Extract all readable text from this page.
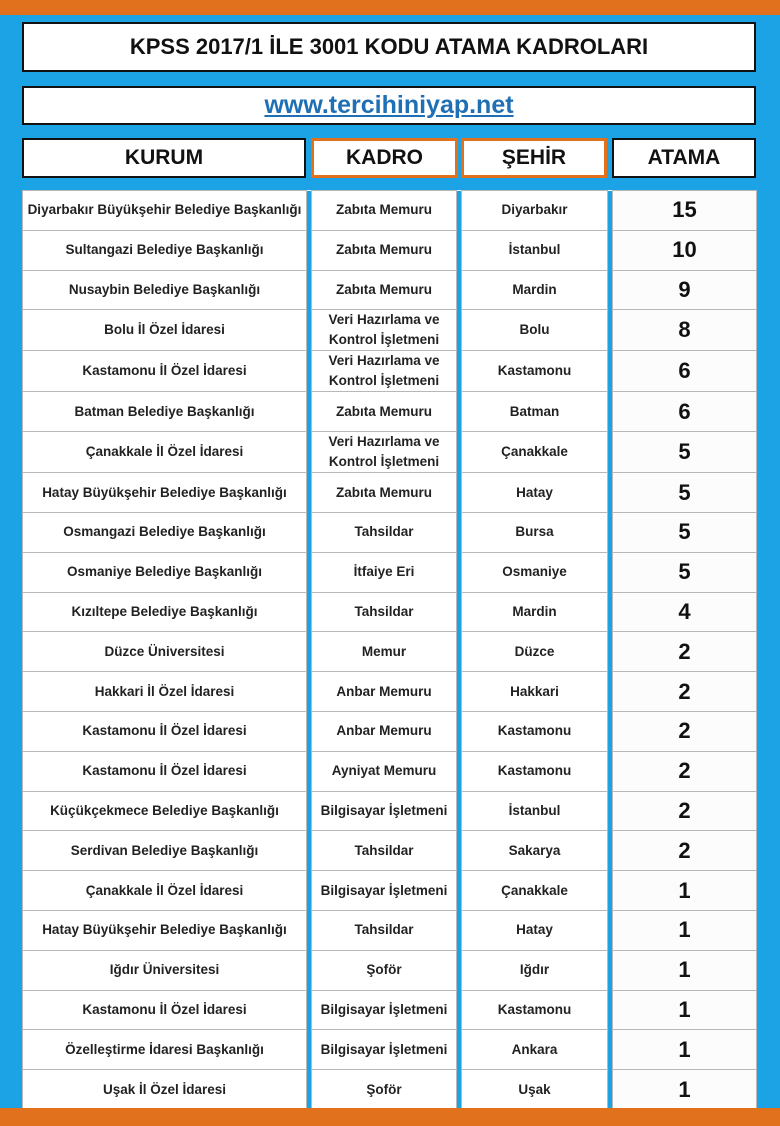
KPSS 2017/1 İLE 3001 KODU ATAMA KADROLARI
www.tercihiniyap.net
KURUM	KADRO	ŞEHİR	ATAMA
Diyarbakır Büyükşehir Belediye Başkanlığı		Zabıta Memuru		Diyarbakır		15
Sultangazi Belediye Başkanlığı		Zabıta Memuru		İstanbul		10
Nusaybin Belediye Başkanlığı		Zabıta Memuru		Mardin		9
Bolu İl Özel İdaresi		Veri Hazırlama ve Kontrol İşletmeni		Bolu		8
Kastamonu İl Özel İdaresi		Veri Hazırlama ve Kontrol İşletmeni		Kastamonu		6
Batman Belediye Başkanlığı		Zabıta Memuru		Batman		6
Çanakkale İl Özel İdaresi		Veri Hazırlama ve Kontrol İşletmeni		Çanakkale		5
Hatay Büyükşehir Belediye Başkanlığı		Zabıta Memuru		Hatay		5
Osmangazi Belediye Başkanlığı		Tahsildar		Bursa		5
Osmaniye Belediye Başkanlığı		İtfaiye Eri		Osmaniye		5
Kızıltepe Belediye Başkanlığı		Tahsildar		Mardin		4
Düzce Üniversitesi		Memur		Düzce		2
Hakkari İl Özel İdaresi		Anbar Memuru		Hakkari		2
Kastamonu İl Özel İdaresi		Anbar Memuru		Kastamonu		2
Kastamonu İl Özel İdaresi		Ayniyat Memuru		Kastamonu		2
Küçükçekmece Belediye Başkanlığı		Bilgisayar İşletmeni		İstanbul		2
Serdivan Belediye Başkanlığı		Tahsildar		Sakarya		2
Çanakkale İl Özel İdaresi		Bilgisayar İşletmeni		Çanakkale		1
Hatay Büyükşehir Belediye Başkanlığı		Tahsildar		Hatay		1
Iğdır Üniversitesi		Şoför		Iğdır		1
Kastamonu İl Özel İdaresi		Bilgisayar İşletmeni		Kastamonu		1
Özelleştirme İdaresi Başkanlığı		Bilgisayar İşletmeni		Ankara		1
Uşak İl Özel İdaresi		Şoför		Uşak		1
